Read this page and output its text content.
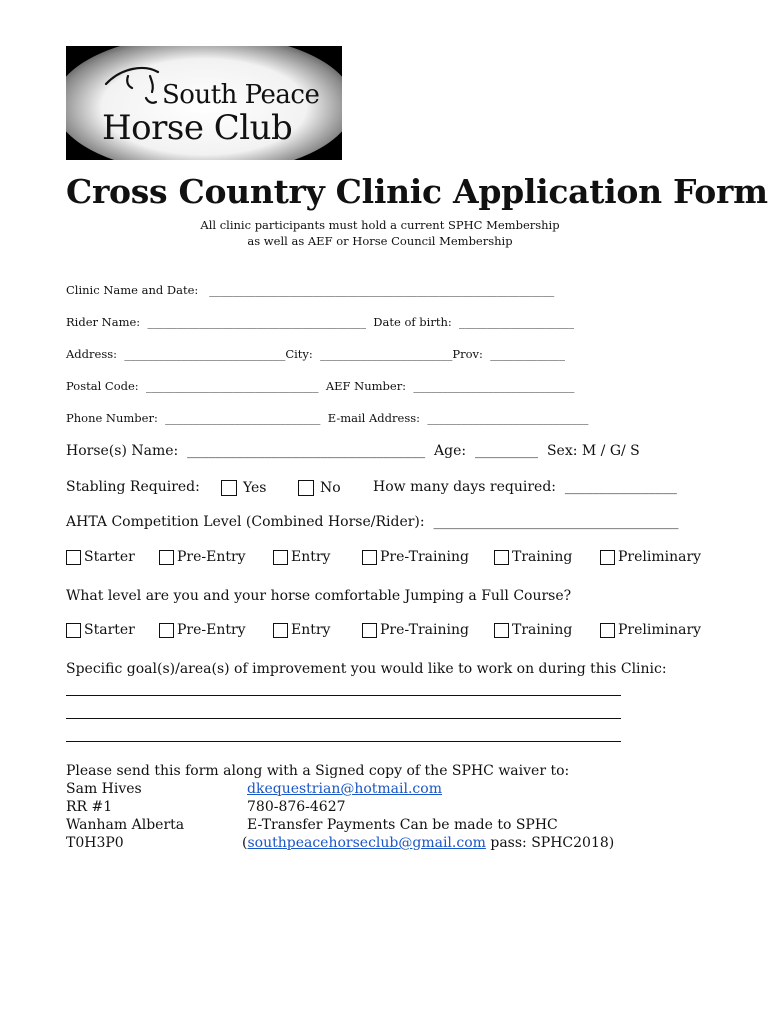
South Peace
Horse Club
Cross Country Clinic Application Form
All clinic participants must hold a current SPHC Membership
as well as AEF or Horse Council Membership
Clinic Name and Date:   ____________________________________________________________
Rider Name:  ______________________________________  Date of birth:  ____________________
Address:  ____________________________City:  _______________________Prov:  _____________
Postal Code:  ______________________________  AEF Number:  ____________________________
Phone Number:  ___________________________  E-mail Address:  ____________________________
Horse(s) Name:  __________________________________  Age:  _________  Sex: M / G/ S
Stabling Required:	Yes	No How many days required:  ________________
AHTA Competition Level (Combined Horse/Rider):  ___________________________________
Starter	Pre-Entry	Entry	Pre-Training	Training	Preliminary
What level are you and your horse comfortable Jumping a Full Course?
Starter	Pre-Entry	Entry	Pre-Training	Training	Preliminary
Specific goal(s)/area(s) of improvement you would like to work on during this Clinic:
Please send this form along with a Signed copy of the SPHC waiver to:
Sam Hives
RR #1
Wanham Alberta
T0H3P0
dkequestrian@hotmail.com
780-876-4627
E-Transfer Payments Can be made to SPHC
(southpeacehorseclub@gmail.com pass: SPHC2018)
